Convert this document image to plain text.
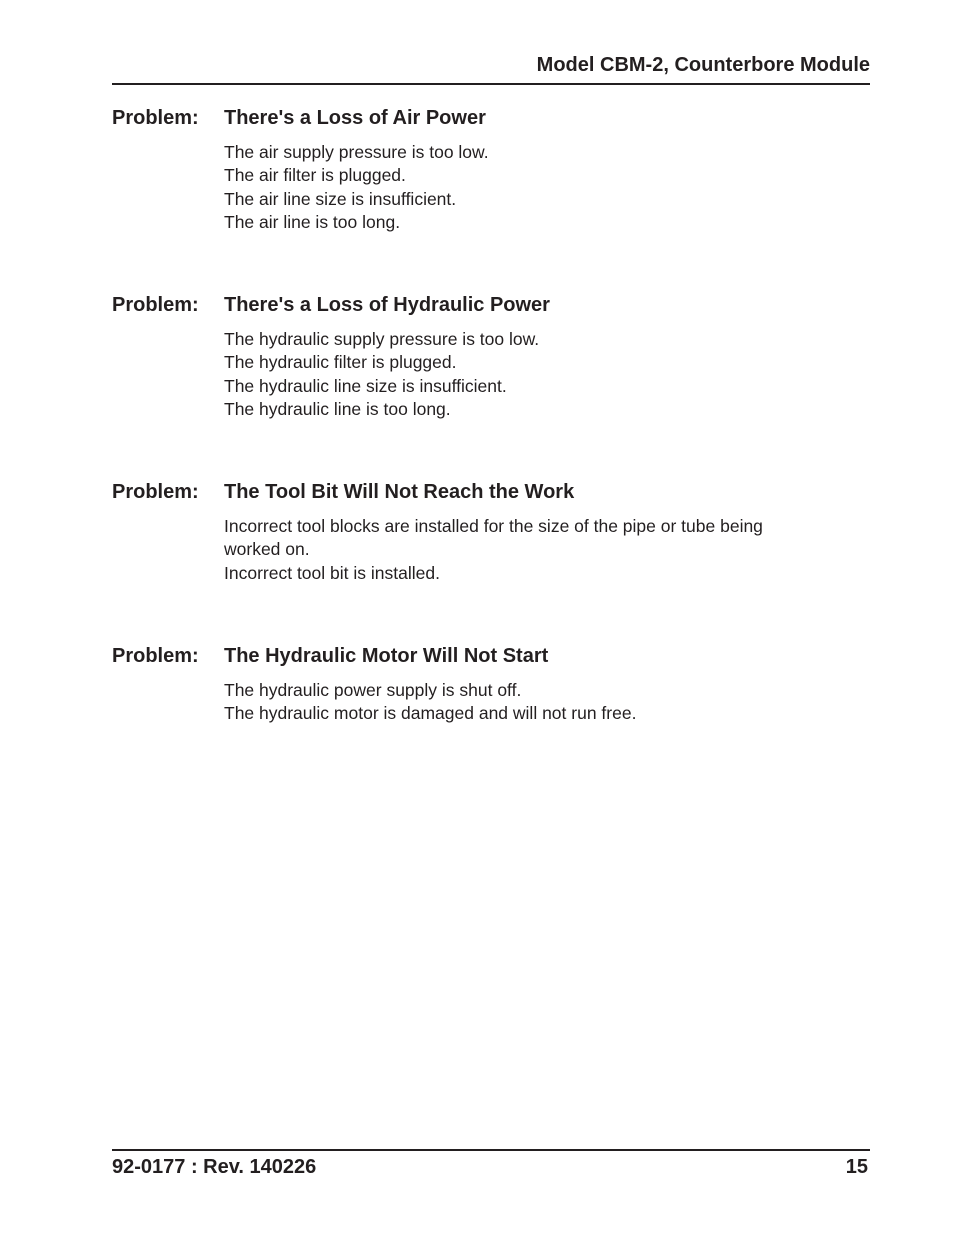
Model CBM-2, Counterbore Module
Problem: There's a Loss of Air Power
The air supply pressure is too low.
The air filter is plugged.
The air line size is insufficient.
The air line is too long.
Problem: There's a Loss of Hydraulic Power
The hydraulic supply pressure is too low.
The hydraulic filter is plugged.
The hydraulic line size is insufficient.
The hydraulic line is too long.
Problem: The Tool Bit Will Not Reach the Work
Incorrect tool blocks are installed for the size of the pipe or tube being worked on.
Incorrect tool bit is installed.
Problem: The Hydraulic Motor Will Not Start
The hydraulic power supply is shut off.
The hydraulic motor is damaged and will not run free.
92-0177 : Rev. 140226	15
